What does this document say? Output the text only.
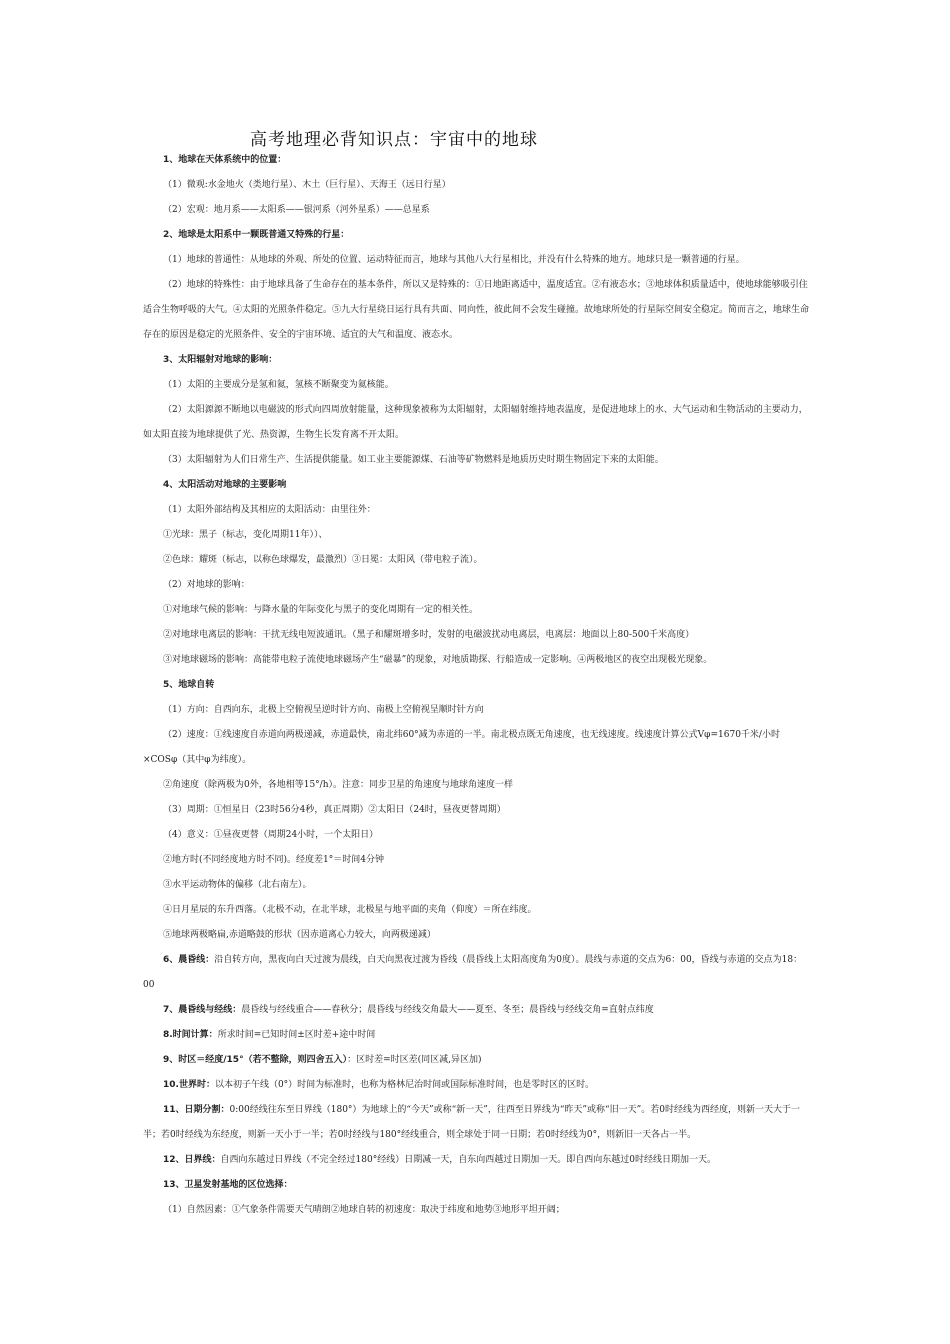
高考地理必背知识点：宇宙中的地球

1、地球在天体系统中的位置：

（1）微观:水金地火（类地行星）、木土（巨行星）、天海王（远日行星）

（2）宏观：地月系——太阳系——银河系（河外星系）——总星系

2、地球是太阳系中一颗既普通又特殊的行星：

（1）地球的普通性：从地球的外观、所处的位置、运动特征而言，地球与其他八大行星相比，并没有什么特殊的地方。地球只是一颗普通的行星。

（2）地球的特殊性：由于地球具备了生命存在的基本条件，所以又是特殊的：①日地距离适中，温度适宜。②有液态水；③地球体积质量适中，使地球能够吸引住适合生物呼吸的大气。④太阳的光照条件稳定。⑤九大行星绕日运行具有共面、同向性，彼此间不会发生碰撞。故地球所处的行星际空间安全稳定。简而言之，地球生命存在的原因是稳定的光照条件、安全的宇宙环境、适宜的大气和温度、液态水。

3、太阳辐射对地球的影响：

（1）太阳的主要成分是氢和氦，氢核不断聚变为氦核能。

（2）太阳源源不断地以电磁波的形式向四周放射能量，这种现象被称为太阳辐射，太阳辐射维持地表温度，是促进地球上的水、大气运动和生物活动的主要动力，如太阳直接为地球提供了光、热资源，生物生长发育离不开太阳。

（3）太阳辐射为人们日常生产、生活提供能量。如工业主要能源煤、石油等矿物燃料是地质历史时期生物固定下来的太阳能。

4、太阳活动对地球的主要影响

（1）太阳外部结构及其相应的太阳活动：由里往外：

①光球：黑子（标志，变化周期11年））、

②色球：耀斑（标志，以称色球爆发，最激烈）③日冕：太阳风（带电粒子流）。

（2）对地球的影响：

①对地球气候的影响：与降水量的年际变化与黑子的变化周期有一定的相关性。

②对地球电离层的影响：干扰无线电短波通讯。（黑子和耀斑增多时，发射的电磁波扰动电离层，电离层：地面以上80-500千米高度）

③对地球磁场的影响：高能带电粒子流使地球磁场产生“磁暴”的现象，对地质勘探、行船造成一定影响。④两极地区的夜空出现极光现象。

5、地球自转

（1）方向：自西向东，北极上空俯视呈逆时针方向、南极上空俯视呈顺时针方向

（2）速度：①线速度自赤道向两极递减，赤道最快，南北纬60°减为赤道的一半。南北极点既无角速度，也无线速度。线速度计算公式Vφ=1670千米/小时×COSφ（其中φ为纬度）。

②角速度（除两极为0外，各地相等15°/h）。注意：同步卫星的角速度与地球角速度一样

（3）周期：①恒星日（23时56分4秒，真正周期）②太阳日（24时，昼夜更替周期）

（4）意义：①昼夜更替（周期24小时，一个太阳日）

②地方时(不同经度地方时不同)。经度差1°＝时间4分钟

③水平运动物体的偏移（北右南左）。

④日月星辰的东升西落。（北极不动，在北半球，北极星与地平面的夹角（仰度）＝所在纬度。

⑤地球两极略扁,赤道略鼓的形状（因赤道离心力较大，向两极递减）

6、晨昏线：沿自转方向，黑夜向白天过渡为晨线，白天向黑夜过渡为昏线（晨昏线上太阳高度角为0度）。晨线与赤道的交点为6：00，昏线与赤道的交点为18：00

7、晨昏线与经线：晨昏线与经线重合——春秋分；晨昏线与经线交角最大——夏至、冬至；晨昏线与经线交角=直射点纬度

8.时间计算：所求时间=已知时间±区时差+途中时间

9、时区＝经度/15°（若不整除，则四舍五入）：区时差=时区差(同区减,异区加)

10.世界时：以本初子午线（0°）时间为标准时，也称为格林尼治时间或国际标准时间，也是零时区的区时。

11、日期分割：0:00经线往东至日界线（180°）为地球上的“今天”或称“新一天”，往西至日界线为“昨天”或称“旧一天”。若0时经线为西经度，则新一天大于一半；若0时经线为东经度，则新一天小于一半；若0时经线与180°经线重合，则全球处于同一日期；若0时经线为0°，则新旧一天各占一半。

12、日界线：自西向东越过日界线（不完全经过180°经线）日期减一天，自东向西越过日期加一天。即自西向东越过0时经线日期加一天。

13、卫星发射基地的区位选择：

（1）自然因素：①气象条件需要天气晴朗②地球自转的初速度：取决于纬度和地势③地形平坦开阔；
